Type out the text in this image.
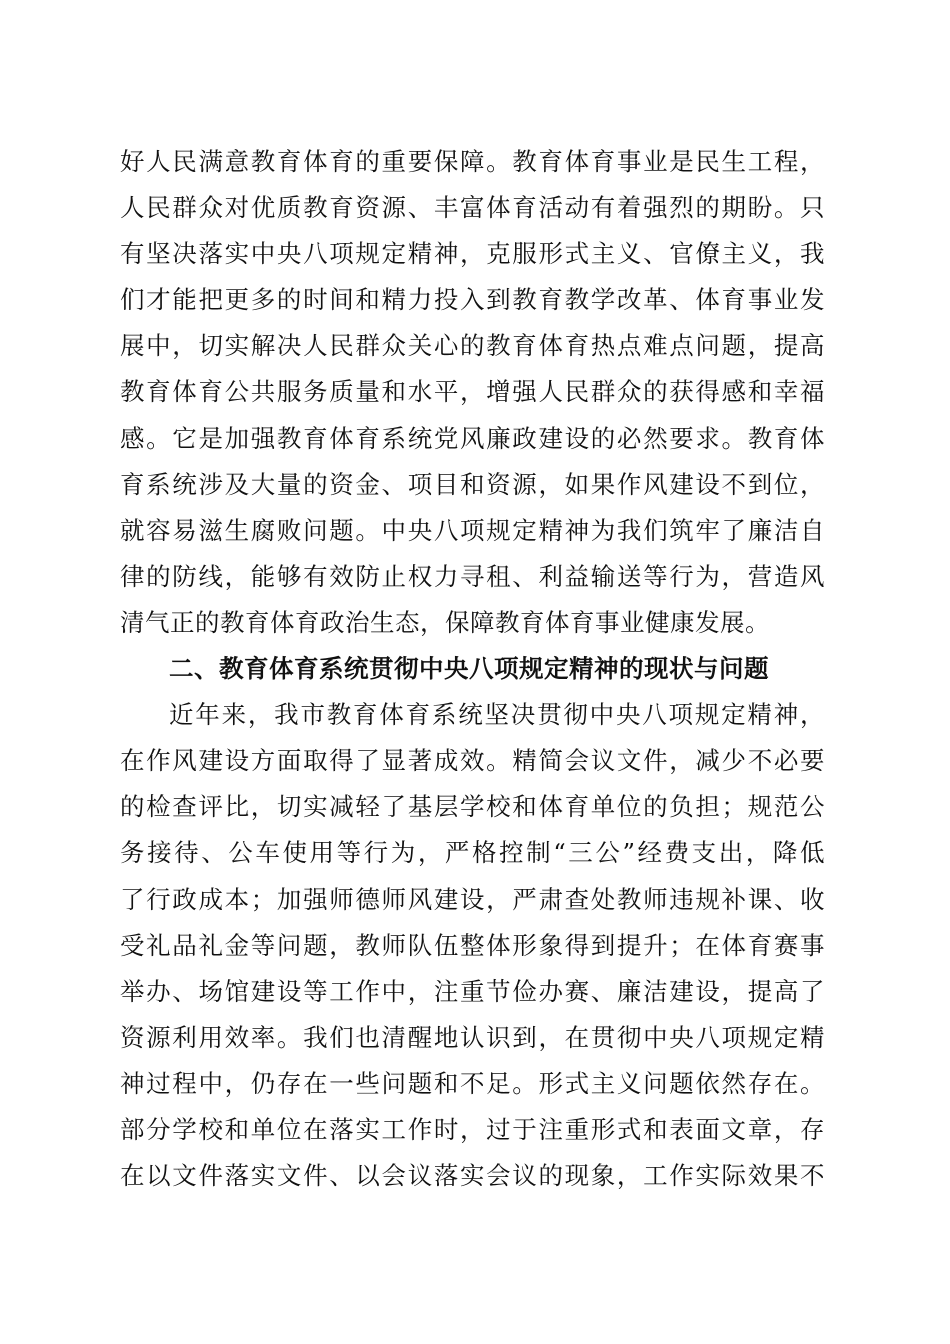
好人民满意教育体育的重要保障。教育体育事业是民生工程，
人民群众对优质教育资源、丰富体育活动有着强烈的期盼。只
有坚决落实中央八项规定精神，克服形式主义、官僚主义，我
们才能把更多的时间和精力投入到教育教学改革、体育事业发
展中，切实解决人民群众关心的教育体育热点难点问题，提高
教育体育公共服务质量和水平，增强人民群众的获得感和幸福
感。它是加强教育体育系统党风廉政建设的必然要求。教育体
育系统涉及大量的资金、项目和资源，如果作风建设不到位，
就容易滋生腐败问题。中央八项规定精神为我们筑牢了廉洁自
律的防线，能够有效防止权力寻租、利益输送等行为，营造风
清气正的教育体育政治生态，保障教育体育事业健康发展。
二、教育体育系统贯彻中央八项规定精神的现状与问题
近年来，我市教育体育系统坚决贯彻中央八项规定精神，
在作风建设方面取得了显著成效。精简会议文件，减少不必要
的检查评比，切实减轻了基层学校和体育单位的负担；规范公
务接待、公车使用等行为，严格控制“三公”经费支出，降低
了行政成本；加强师德师风建设，严肃查处教师违规补课、收
受礼品礼金等问题，教师队伍整体形象得到提升；在体育赛事
举办、场馆建设等工作中，注重节俭办赛、廉洁建设，提高了
资源利用效率。我们也清醒地认识到，在贯彻中央八项规定精
神过程中，仍存在一些问题和不足。形式主义问题依然存在。
部分学校和单位在落实工作时，过于注重形式和表面文章，存
在以文件落实文件、以会议落实会议的现象，工作实际效果不
